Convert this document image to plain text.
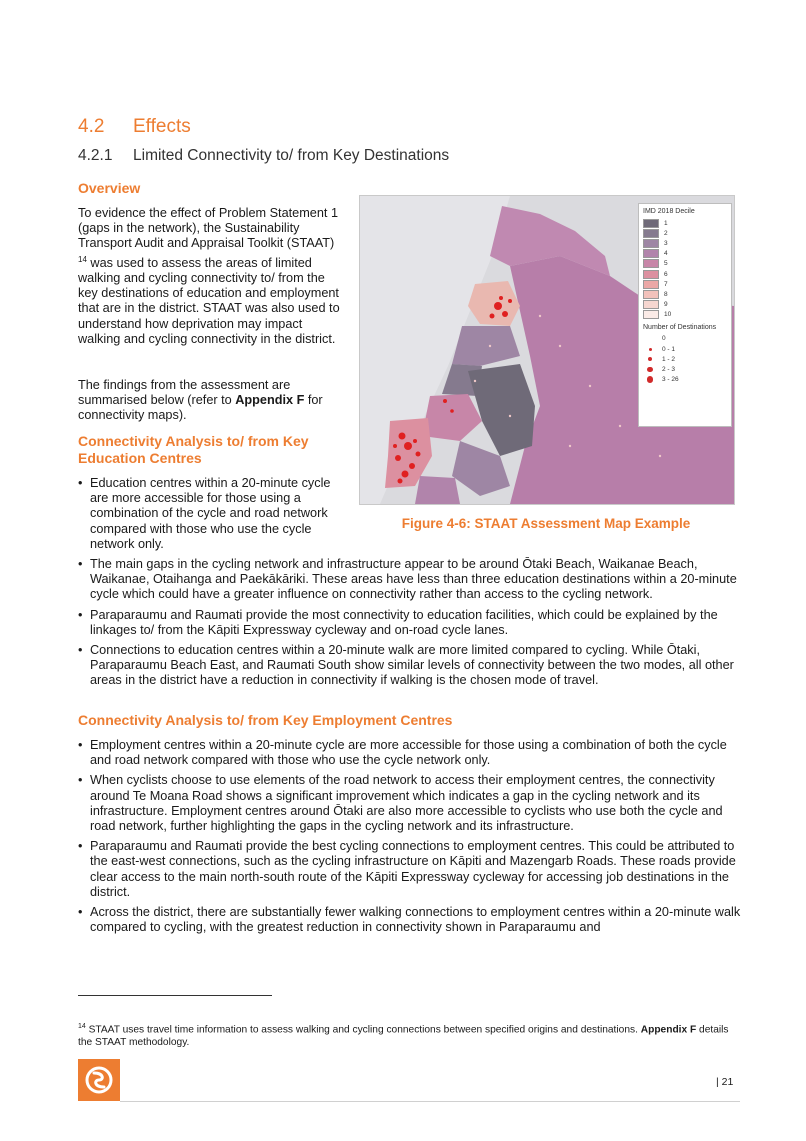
4.2 Effects
4.2.1 Limited Connectivity to/ from Key Destinations
Overview
To evidence the effect of Problem Statement 1 (gaps in the network), the Sustainability Transport Audit and Appraisal Toolkit (STAAT) $^{14}$ was used to assess the areas of limited walking and cycling connectivity to/ from the key destinations of education and employment that are in the district. STAAT was also used to understand how deprivation may impact walking and cycling connectivity in the district.
The findings from the assessment are summarised below (refer to Appendix F for connectivity maps).
Connectivity Analysis to/ from Key Education Centres
• Education centres within a 20-minute cycle are more accessible for those using a combination of the cycle and road network compared with those who use the cycle network only.
IMD 2018 Decile
1
2
3
4
5
6
7
8
9
10
Number of Destinations
0
0 - 1
1 - 2
2 - 3
3 - 26
Figure 4-6: STAAT Assessment Map Example
• The main gaps in the cycling network and infrastructure appear to be around Ōtaki Beach, Waikanae Beach, Waikanae, Otaihanga and Paekākāriki. These areas have less than three education destinations within a 20-minute cycle which could have a greater influence on connectivity rather than access to the cycling network.
• Paraparaumu and Raumati provide the most connectivity to education facilities, which could be explained by the linkages to/ from the Kāpiti Expressway cycleway and on-road cycle lanes.
• Connections to education centres within a 20-minute walk are more limited compared to cycling. While Ōtaki, Paraparaumu Beach East, and Raumati South show similar levels of connectivity between the two modes, all other areas in the district have a reduction in connectivity if walking is the chosen mode of travel.
Connectivity Analysis to/ from Key Employment Centres
• Employment centres within a 20-minute cycle are more accessible for those using a combination of both the cycle and road network compared with those who use the cycle network only.
• When cyclists choose to use elements of the road network to access their employment centres, the connectivity around Te Moana Road shows a significant improvement which indicates a gap in the cycling network and its infrastructure. Employment centres around Ōtaki are also more accessible to cyclists who use both the cycle and road network, further highlighting the gaps in the cycling network and its infrastructure.
• Paraparaumu and Raumati provide the best cycling connections to employment centres. This could be attributed to the east-west connections, such as the cycling infrastructure on Kāpiti and Mazengarb Roads. These roads provide clear access to the main north-south route of the Kāpiti Expressway cycleway for accessing job destinations in the district.
• Across the district, there are substantially fewer walking connections to employment centres within a 20-minute walk compared to cycling, with the greatest reduction in connectivity shown in Paraparaumu and
$^{14}$ STAAT uses travel time information to assess walking and cycling connections between specified origins and destinations. Appendix F details the STAAT methodology.
| 21
